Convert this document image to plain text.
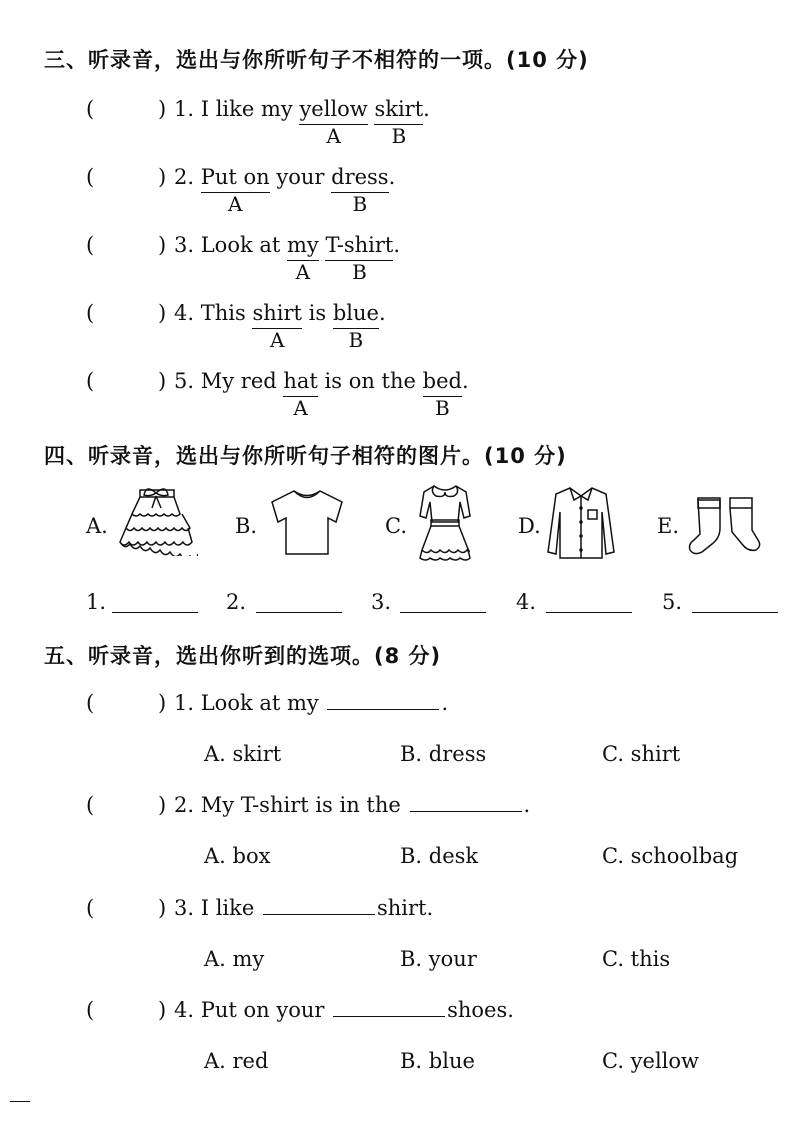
三、听录音，选出与你所听句子不相符的一项。(10 分)
(	) 1. I like my yellow
A
skirt
B
.
(	) 2. Put on
A
your dress
B
.
(	) 3. Look at $\frac{my}{A}$ T-shirt
B
.
(	) 4. This shirt
A
is blue
B
.
(	) 5. My red hat
A
is on the bed
B
.
四、听录音，选出与你所听句子相符的图片。(10 分)
A.	B.	C.	D.	E.
1.	2.	3.	4.	5.
五、听录音，选出你听到的选项。(8 分)
(	) 1. Look at my	.
A. skirt	B. dress	C. shirt
(	) 2. My T-shirt is in the	.
A. box	B. desk	C. schoolbag
(	) 3. I like	shirt.
A. my	B. your	C. this
(	) 4. Put on your	shoes.
A. red	B. blue	C. yellow
